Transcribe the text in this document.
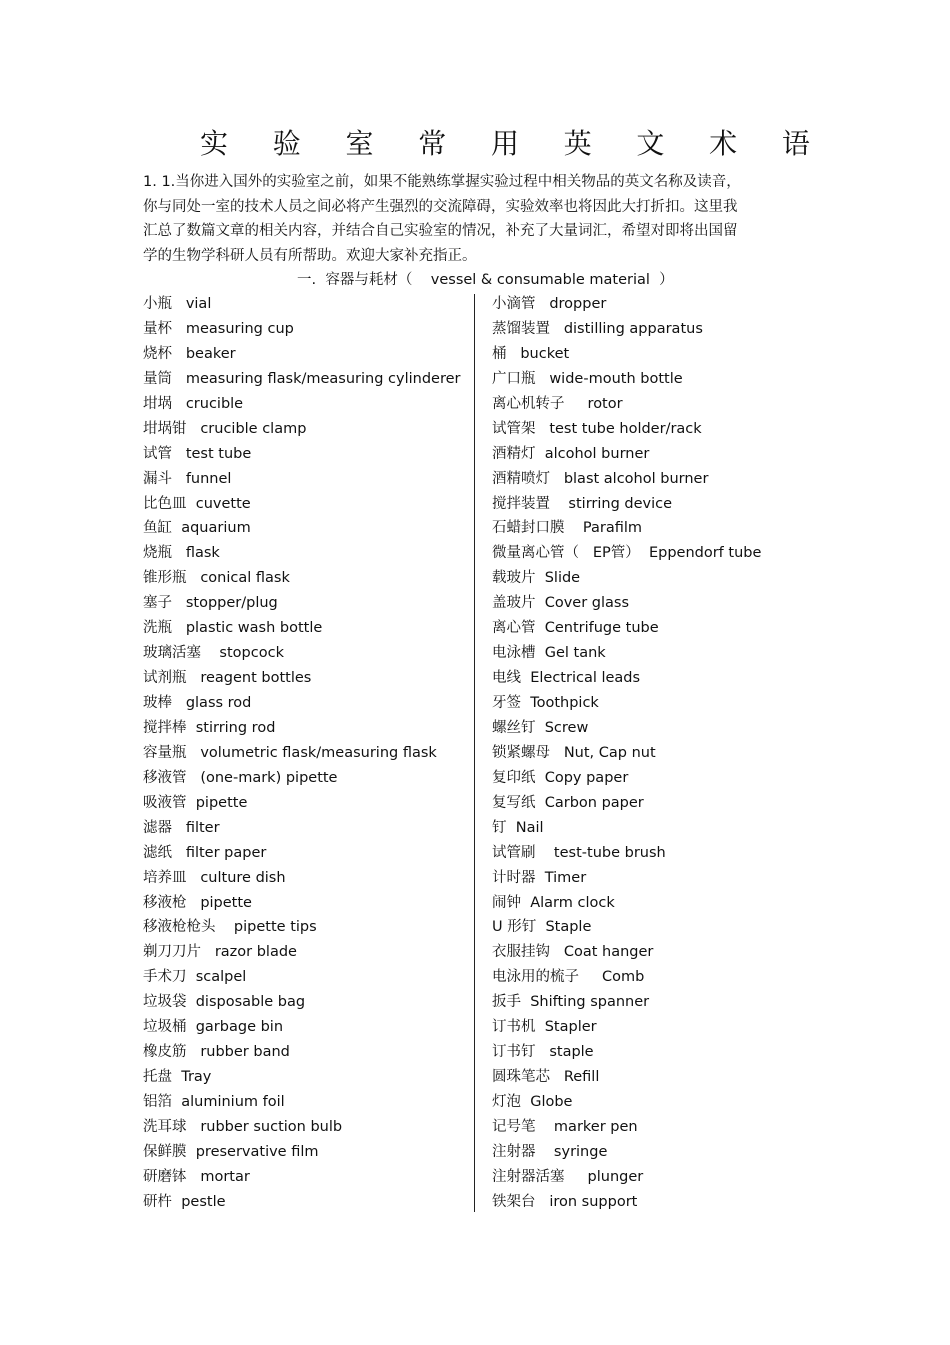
实 验 室 常 用 英 文 术 语
1. 1.当你进入国外的实验室之前，如果不能熟练掌握实验过程中相关物品的英文名称及读音，你与同处一室的技术人员之间必将产生强烈的交流障碍，实验效率也将因此大打折扣。这里我汇总了数篇文章的相关内容，并结合自己实验室的情况，补充了大量词汇，希望对即将出国留学的生物学科研人员有所帮助。欢迎大家补充指正。
一.  容器与耗材（    vessel & consumable material  ）
小瓶   vial
量杯   measuring cup
烧杯   beaker
量筒   measuring flask/measuring cylinderer
坩埚   crucible
坩埚钳   crucible clamp
试管   test tube
漏斗   funnel
比色皿  cuvette
鱼缸  aquarium
烧瓶   flask
锥形瓶   conical flask
塞子   stopper/plug
洗瓶   plastic wash bottle
玻璃活塞    stopcock
试剂瓶   reagent bottles
玻棒   glass rod
搅拌棒  stirring rod
容量瓶   volumetric flask/measuring flask
移液管   (one-mark) pipette
吸液管  pipette
滤器   filter
滤纸   filter paper
培养皿   culture dish
移液枪   pipette
移液枪枪头    pipette tips
剃刀刀片   razor blade
手术刀  scalpel
垃圾袋  disposable bag
垃圾桶  garbage bin
橡皮筋   rubber band
托盘  Tray
铝箔  aluminium foil
洗耳球   rubber suction bulb
保鲜膜  preservative film
研磨钵   mortar
研杵  pestle
小滴管   dropper
蒸馏装置   distilling apparatus
桶   bucket
广口瓶   wide-mouth bottle
离心机转子     rotor
试管架   test tube holder/rack
酒精灯  alcohol burner
酒精喷灯   blast alcohol burner
搅拌装置    stirring device
石蜡封口膜    Parafilm
微量离心管（   EP管）  Eppendorf tube
载玻片  Slide
盖玻片  Cover glass
离心管  Centrifuge tube
电泳槽  Gel tank
电线  Electrical leads
牙签  Toothpick
螺丝钉  Screw
锁紧螺母   Nut, Cap nut
复印纸  Copy paper
复写纸  Carbon paper
钉  Nail
试管刷    test-tube brush
计时器  Timer
闹钟  Alarm clock
U 形钉  Staple
衣服挂钩   Coat hanger
电泳用的梳子     Comb
扳手  Shifting spanner
订书机  Stapler
订书钉   staple
圆珠笔芯   Refill
灯泡  Globe
记号笔    marker pen
注射器    syringe
注射器活塞     plunger
铁架台   iron support
